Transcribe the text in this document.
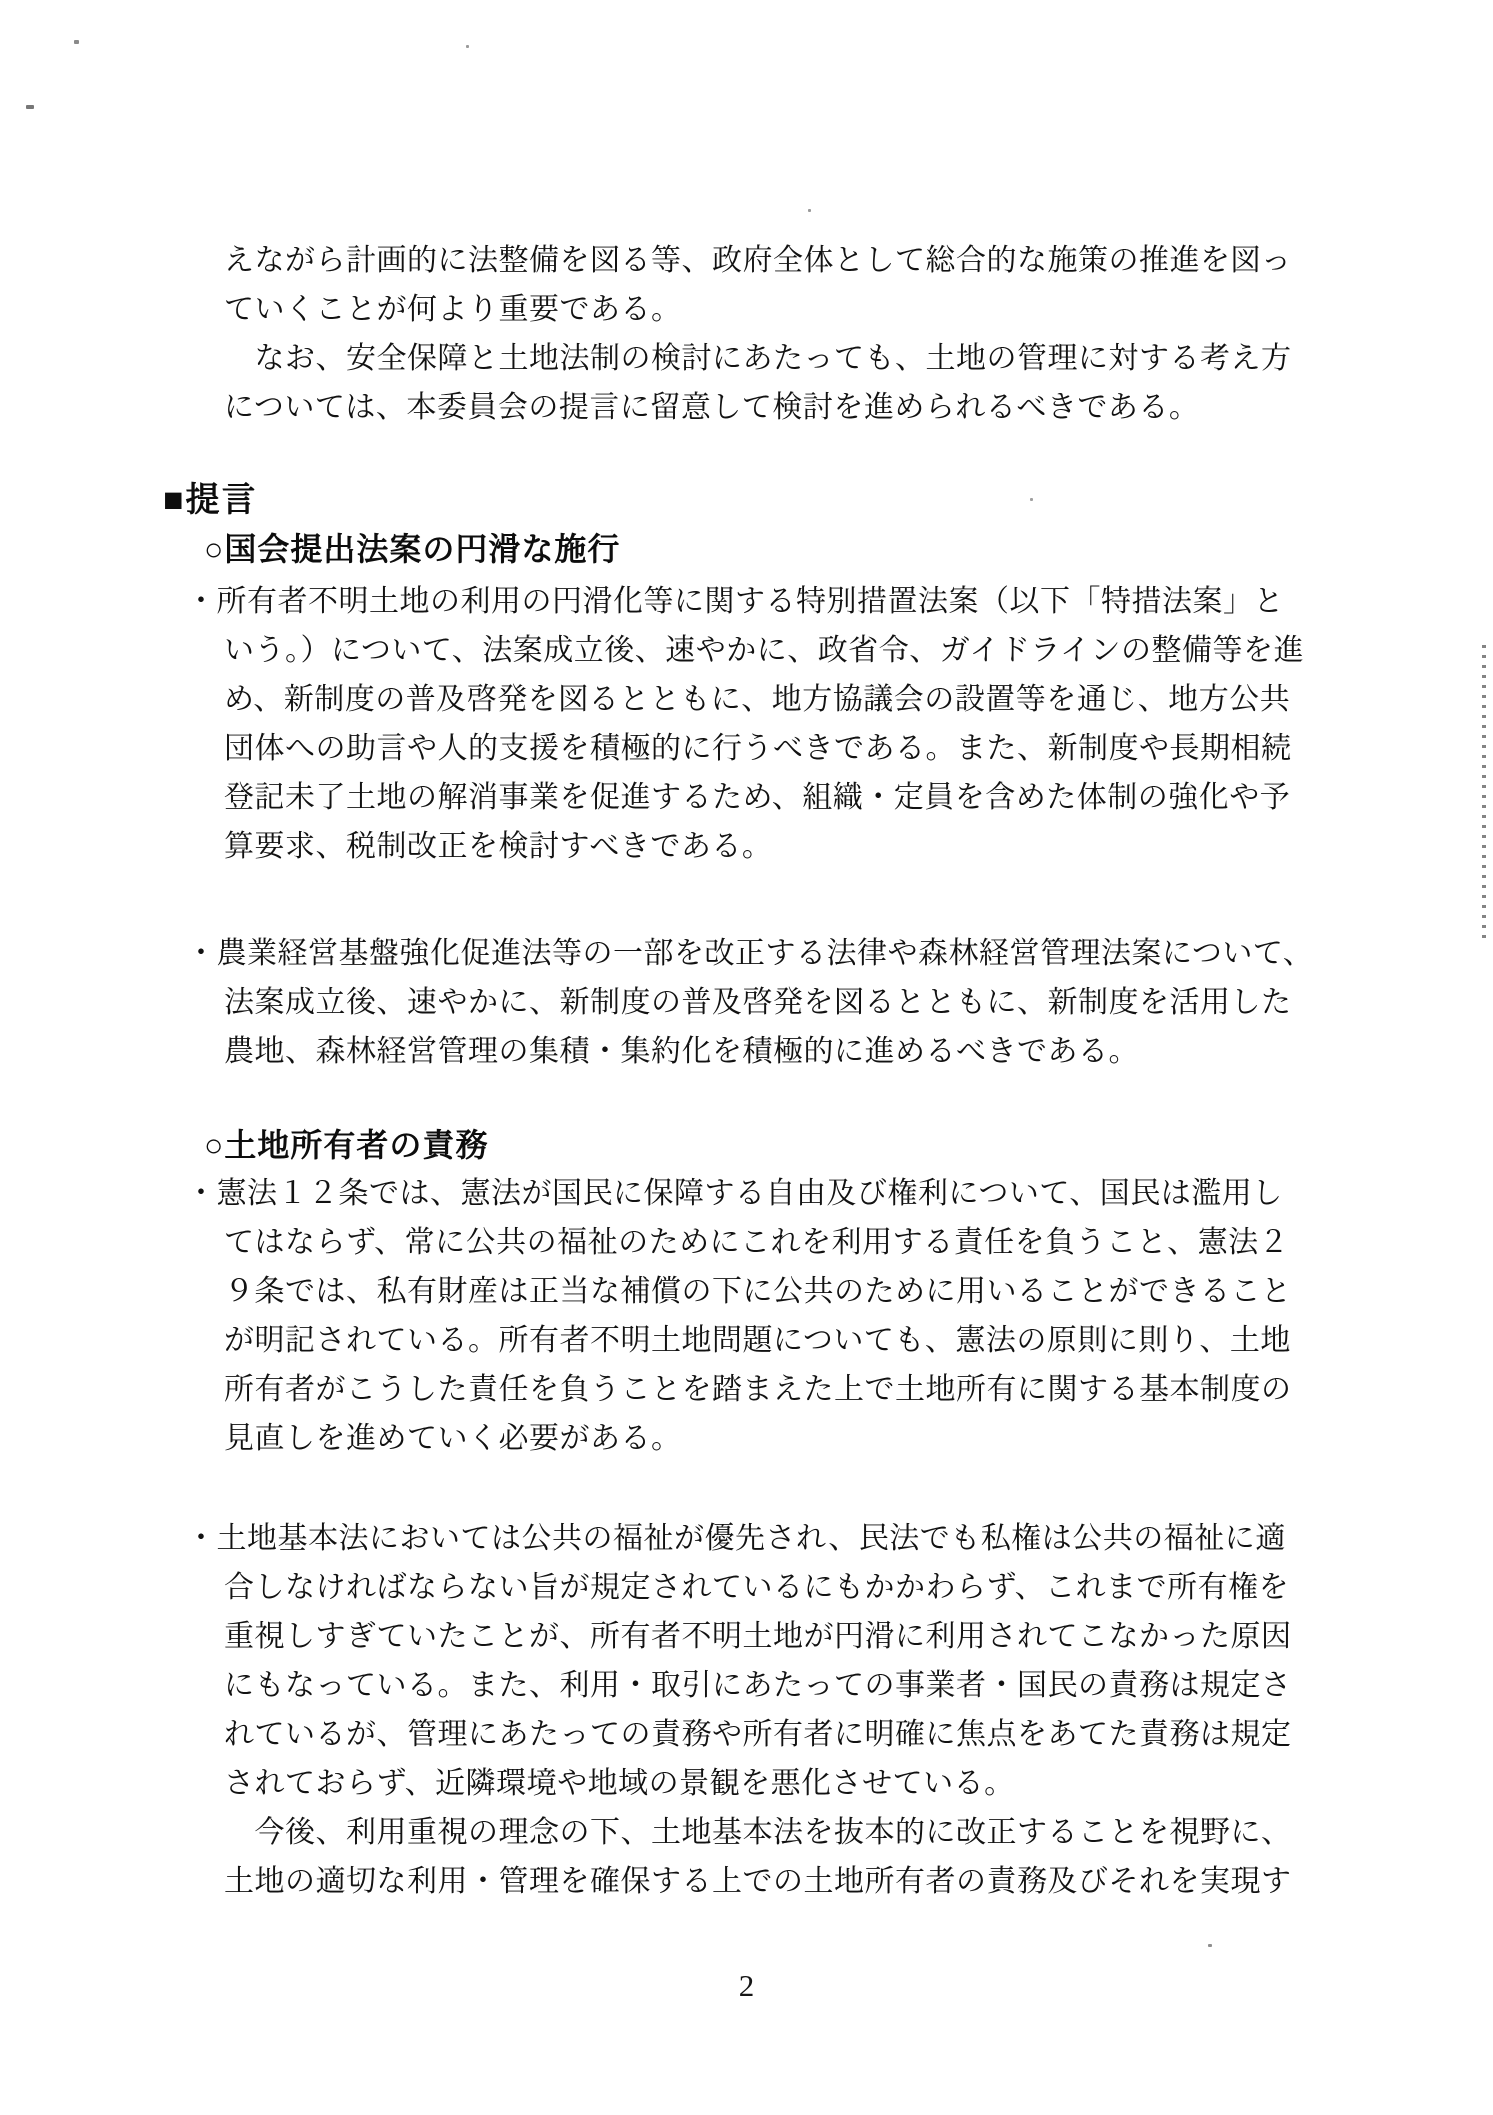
えながら計画的に法整備を図る等、政府全体として総合的な施策の推進を図っ
ていくことが何より重要である。
　なお、安全保障と土地法制の検討にあたっても、土地の管理に対する考え方
については、本委員会の提言に留意して検討を進められるべきである。
■提言
○国会提出法案の円滑な施行
・所有者不明土地の利用の円滑化等に関する特別措置法案（以下「特措法案」と
いう。）について、法案成立後、速やかに、政省令、ガイドラインの整備等を進
め、新制度の普及啓発を図るとともに、地方協議会の設置等を通じ、地方公共
団体への助言や人的支援を積極的に行うべきである。また、新制度や長期相続
登記未了土地の解消事業を促進するため、組織・定員を含めた体制の強化や予
算要求、税制改正を検討すべきである。
・農業経営基盤強化促進法等の一部を改正する法律や森林経営管理法案について、
法案成立後、速やかに、新制度の普及啓発を図るとともに、新制度を活用した
農地、森林経営管理の集積・集約化を積極的に進めるべきである。
○土地所有者の責務
・憲法１２条では、憲法が国民に保障する自由及び権利について、国民は濫用し
てはならず、常に公共の福祉のためにこれを利用する責任を負うこと、憲法２
９条では、私有財産は正当な補償の下に公共のために用いることができること
が明記されている。所有者不明土地問題についても、憲法の原則に則り、土地
所有者がこうした責任を負うことを踏まえた上で土地所有に関する基本制度の
見直しを進めていく必要がある。
・土地基本法においては公共の福祉が優先され、民法でも私権は公共の福祉に適
合しなければならない旨が規定されているにもかかわらず、これまで所有権を
重視しすぎていたことが、所有者不明土地が円滑に利用されてこなかった原因
にもなっている。また、利用・取引にあたっての事業者・国民の責務は規定さ
れているが、管理にあたっての責務や所有者に明確に焦点をあてた責務は規定
されておらず、近隣環境や地域の景観を悪化させている。
　今後、利用重視の理念の下、土地基本法を抜本的に改正することを視野に、
土地の適切な利用・管理を確保する上での土地所有者の責務及びそれを実現す
2
